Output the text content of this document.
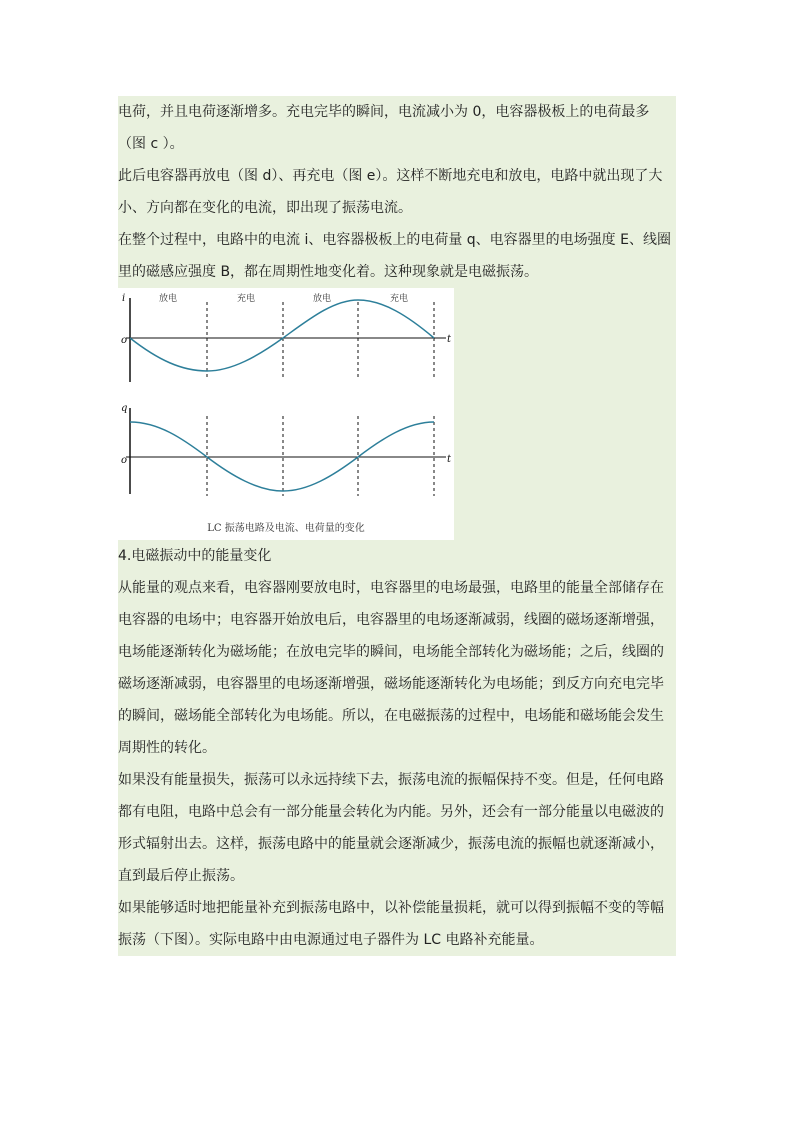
电荷，并且电荷逐渐增多。充电完毕的瞬间，电流减小为 0，电容器极板上的电荷最多（图 c ）。

此后电容器再放电（图 d）、再充电（图 e）。这样不断地充电和放电，电路中就出现了大小、方向都在变化的电流，即出现了振荡电流。

在整个过程中，电路中的电流 i、电容器极板上的电荷量 q、电容器里的电场强度 E、线圈里的磁感应强度 B，都在周期性地变化着。这种现象就是电磁振荡。

放电	充电	放电	充电
i
o	t
q
o	t
LC 振荡电路及电流、电荷量的变化

4.电磁振动中的能量变化

从能量的观点来看，电容器刚要放电时，电容器里的电场最强，电路里的能量全部储存在电容器的电场中；电容器开始放电后，电容器里的电场逐渐减弱，线圈的磁场逐渐增强，电场能逐渐转化为磁场能；在放电完毕的瞬间，电场能全部转化为磁场能；之后，线圈的磁场逐渐减弱，电容器里的电场逐渐增强，磁场能逐渐转化为电场能；到反方向充电完毕的瞬间，磁场能全部转化为电场能。所以，在电磁振荡的过程中，电场能和磁场能会发生周期性的转化。

如果没有能量损失，振荡可以永远持续下去，振荡电流的振幅保持不变。但是，任何电路都有电阻，电路中总会有一部分能量会转化为内能。另外，还会有一部分能量以电磁波的形式辐射出去。这样，振荡电路中的能量就会逐渐减少，振荡电流的振幅也就逐渐减小，直到最后停止振荡。

如果能够适时地把能量补充到振荡电路中，以补偿能量损耗，就可以得到振幅不变的等幅振荡（下图）。实际电路中由电源通过电子器件为 LC 电路补充能量。
